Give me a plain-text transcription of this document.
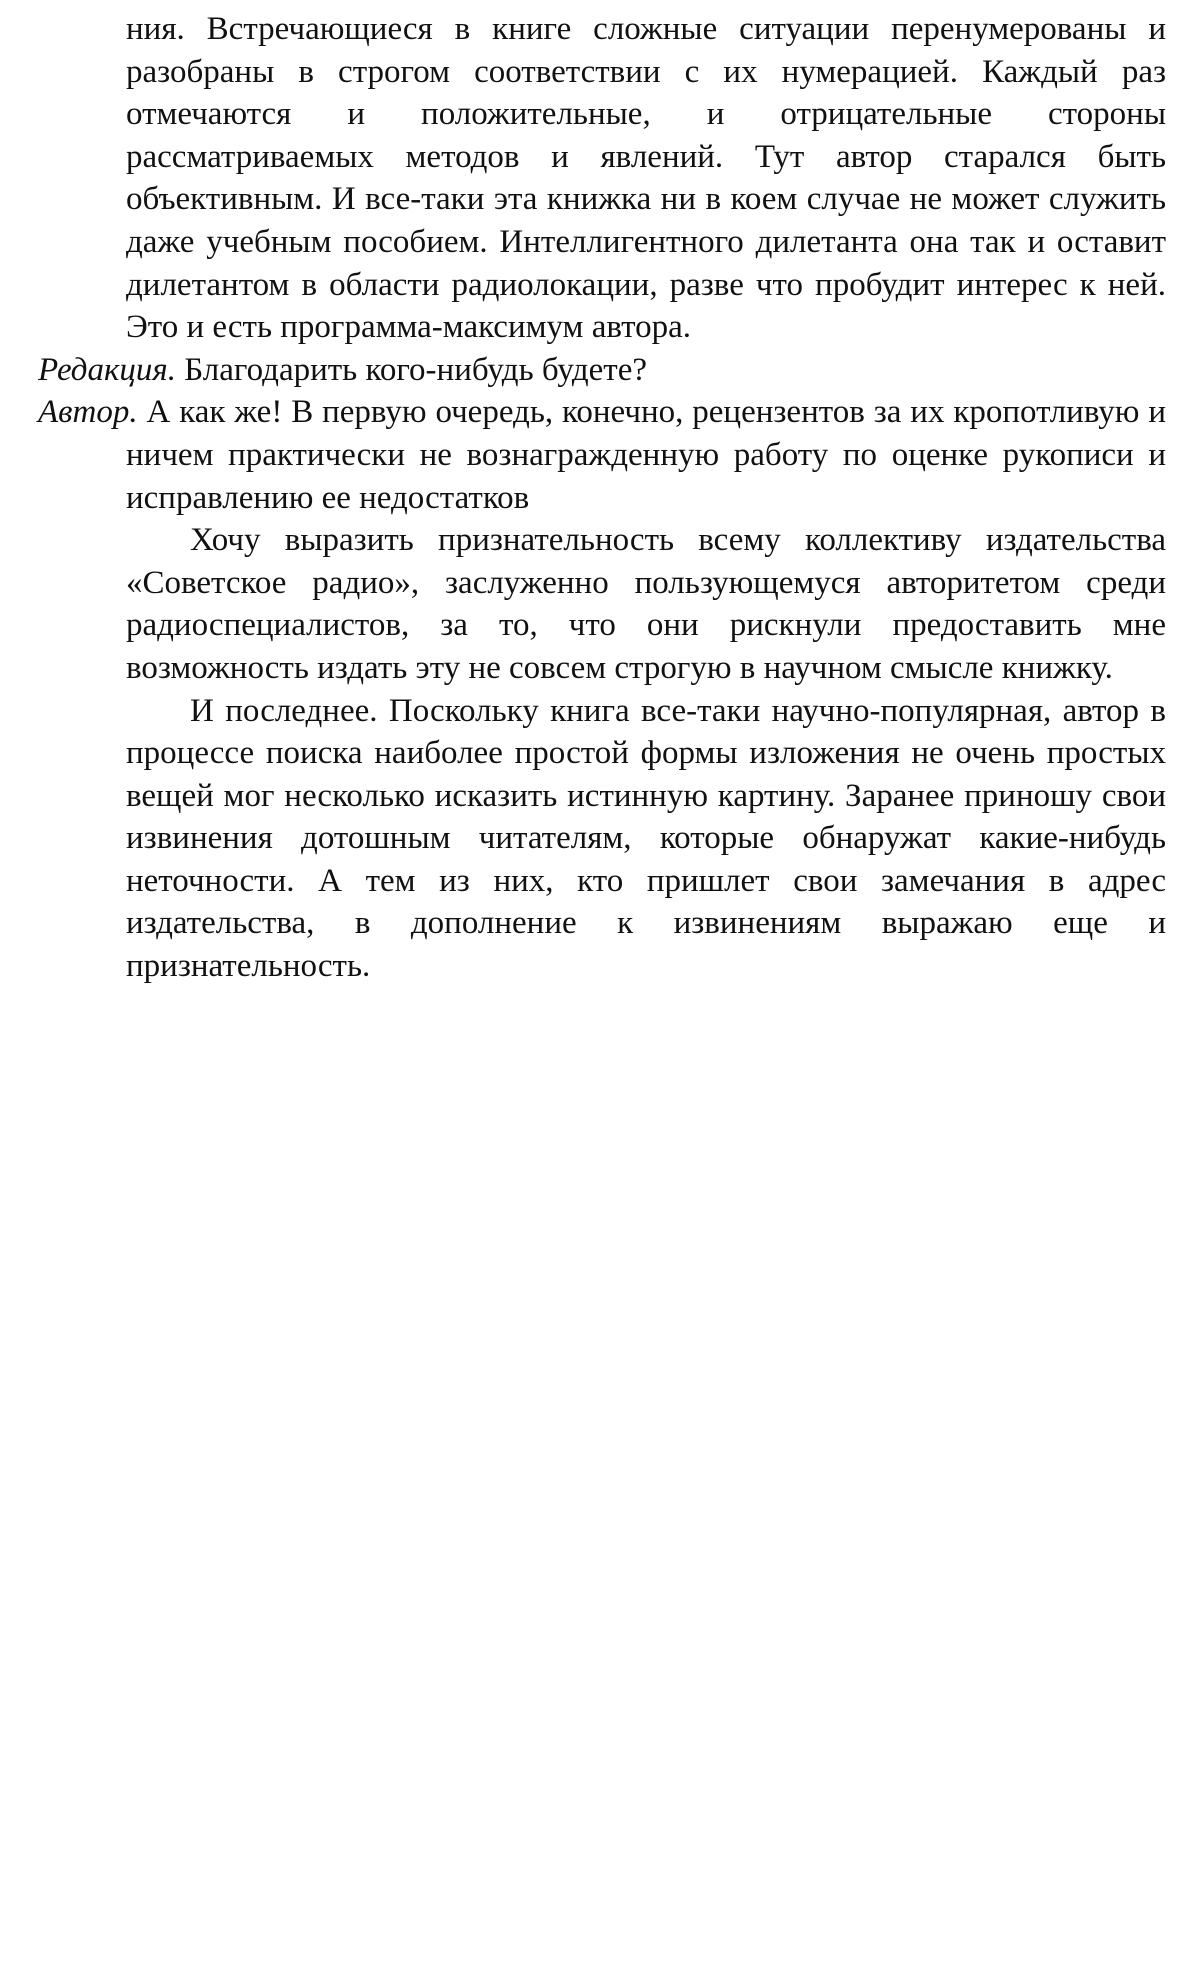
ния. Встречающиеся в книге сложные ситуации перенумерованы и разобраны в строгом соответствии с их нумерацией. Каждый раз отмечаются и положительные, и отрицательные стороны рассматриваемых методов и явлений. Тут автор старался быть объективным. И все-таки эта книжка ни в коем случае не может служить даже учебным пособием. Интеллигентного дилетанта она так и оставит дилетантом в области радиолокации, разве что пробудит интерес к ней. Это и есть программа-максимум автора.

Редакция. Благодарить кого-нибудь будете?

Автор. А как же! В первую очередь, конечно, рецензентов за их кропотливую и ничем практически не вознагражденную работу по оценке рукописи и исправлению ее недостатков

Хочу выразить признательность всему коллективу издательства «Советское радио», заслуженно пользующемуся авторитетом среди радиоспециалистов, за то, что они рискнули предоставить мне возможность издать эту не совсем строгую в научном смысле книжку.

И последнее. Поскольку книга все-таки научно-популярная, автор в процессе поиска наиболее простой формы изложения не очень простых вещей мог несколько исказить истинную картину. Заранее приношу свои извинения дотошным читателям, которые обнаружат какие-нибудь неточности. А тем из них, кто пришлет свои замечания в адрес издательства, в дополнение к извинениям выражаю еще и признательность.
